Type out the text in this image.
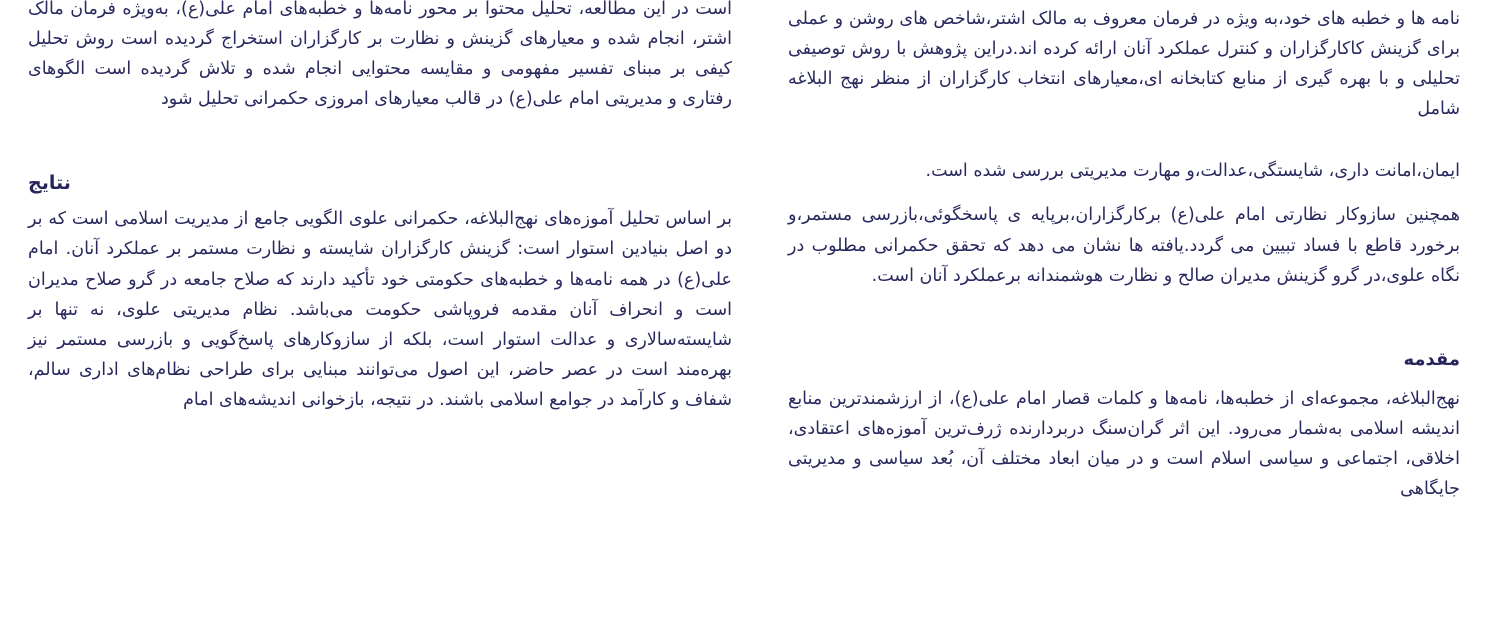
نامه ها و خطبه های خود،به ویژه در فرمان معروف به مالک اشتر،شاخص های روشن و عملی برای گزینش کاکارگزاران و کنترل عملکرد آنان ارائه کرده اند.دراین پژوهش با روش توصیفی تحلیلی و با بهره گیری از منابع کتابخانه ای،معیارهای انتخاب کارگزاران از منظر نهج البلاغه شامل

ایمان،امانت داری، شایستگی،عدالت،و مهارت مدیریتی بررسی شده است.

همچنین سازوکار نظارتی امام علی(ع) برکارگزاران،برپایه ی پاسخگوئی،بازرسی مستمر،و برخورد قاطع با فساد تبیین می گردد.یافته ها نشان می دهد که تحقق حکمرانی مطلوب در نگاه علوی،در گرو گزینش مدیران صالح و نظارت هوشمندانه برعملکرد آنان است.

مقدمه

نهج‌البلاغه، مجموعه‌ای از خطبه‌ها، نامه‌ها و کلمات قصار امام علی(ع)، از ارزشمندترین منابع اندیشه اسلامی به‌شمار می‌رود. این اثر گران‌سنگ دربردارنده ژرف‌ترین آموزه‌های اعتقادی، اخلاقی، اجتماعی و سیاسی اسلام است و در میان ابعاد مختلف آن، بُعد سیاسی و مدیریتی جایگاهی

است در این مطالعه، تحلیل محتوا بر محور نامه‌ها و خطبه‌های امام علی(ع)، به‌ویژه فرمان مالک اشتر، انجام شده و معیارهای گزینش و نظارت بر کارگزاران استخراج گردیده است روش تحلیل کیفی بر مبنای تفسیر مفهومی و مقایسه محتوایی انجام شده و تلاش گردیده است الگوهای رفتاری و مدیریتی امام علی(ع) در قالب معیارهای امروزی حکمرانی تحلیل شود

نتایج

بر اساس تحلیل آموزه‌های نهج‌البلاغه، حکمرانی علوی الگویی جامع از مدیریت اسلامی است که بر دو اصل بنیادین استوار است: گزینش کارگزاران شایسته و نظارت مستمر بر عملکرد آنان. امام علی(ع) در همه نامه‌ها و خطبه‌های حکومتی خود تأکید دارند که صلاح جامعه در گرو صلاح مدیران است و انحراف آنان مقدمه فروپاشی حکومت می‌باشد. نظام مدیریتی علوی، نه تنها بر شایسته‌سالاری و عدالت استوار است، بلکه از سازوکارهای پاسخ‌گویی و بازرسی مستمر نیز بهره‌مند است در عصر حاضر، این اصول می‌توانند مبنایی برای طراحی نظام‌های اداری سالم، شفاف و کارآمد در جوامع اسلامی باشند. در نتیجه، بازخوانی اندیشه‌های امام
